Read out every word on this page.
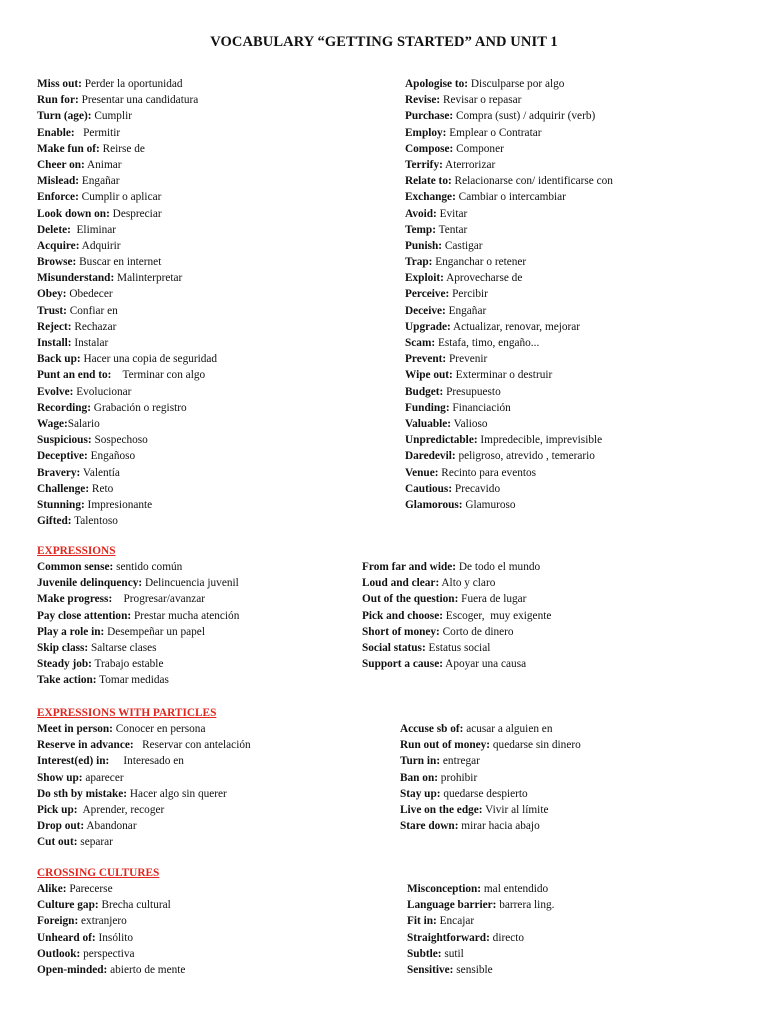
VOCABULARY “GETTING STARTED” AND UNIT 1
Miss out: Perder la oportunidad
Run for: Presentar una candidatura
Turn (age): Cumplir
Enable:   Permitir
Make fun of: Reirse de
Cheer on: Animar
Mislead: Engañar
Enforce: Cumplir o aplicar
Look down on: Despreciar
Delete:  Eliminar
Acquire: Adquirir
Browse: Buscar en internet
Misunderstand: Malinterpretar
Obey: Obedecer
Trust: Confiar en
Reject: Rechazar
Install: Instalar
Back up: Hacer una copia de seguridad
Punt an end to:    Terminar con algo
Evolve: Evolucionar
Recording: Grabación o registro
Wage:Salario
Suspicious: Sospechoso
Deceptive: Engañoso
Bravery: Valentía
Challenge: Reto
Stunning: Impresionante
Gifted: Talentoso
Apologise to: Disculparse por algo
Revise: Revisar o repasar
Purchase: Compra (sust) / adquirir (verb)
Employ: Emplear o Contratar
Compose: Componer
Terrify: Aterrorizar
Relate to: Relacionarse con/ identificarse con
Exchange: Cambiar o intercambiar
Avoid: Evitar
Temp: Tentar
Punish: Castigar
Trap: Enganchar o retener
Exploit: Aprovecharse de
Perceive: Percibir
Deceive: Engañar
Upgrade: Actualizar, renovar, mejorar
Scam: Estafa, timo, engaño...
Prevent: Prevenir
Wipe out: Exterminar o destruir
Budget: Presupuesto
Funding: Financiación
Valuable: Valioso
Unpredictable: Impredecible, imprevisible
Daredevil: peligroso, atrevido , temerario
Venue: Recinto para eventos
Cautious: Precavido
Glamorous: Glamuroso
EXPRESSIONS
Common sense: sentido común
Juvenile delinquency: Delincuencia juvenil
Make progress:    Progresar/avanzar
Pay close attention: Prestar mucha atención
Play a role in: Desempeñar un papel
Skip class: Saltarse clases
Steady job: Trabajo estable
Take action: Tomar medidas
From far and wide: De todo el mundo
Loud and clear: Alto y claro
Out of the question: Fuera de lugar
Pick and choose: Escoger,  muy exigente
Short of money: Corto de dinero
Social status: Estatus social
Support a cause: Apoyar una causa
EXPRESSIONS WITH PARTICLES
Meet in person: Conocer en persona
Reserve in advance:   Reservar con antelación
Interest(ed) in:     Interesado en
Show up: aparecer
Do sth by mistake: Hacer algo sin querer
Pick up:  Aprender, recoger
Drop out: Abandonar
Cut out: separar
Accuse sb of: acusar a alguien en
Run out of money: quedarse sin dinero
Turn in: entregar
Ban on: prohibir
Stay up: quedarse despierto
Live on the edge: Vivir al límite
Stare down: mirar hacia abajo
CROSSING CULTURES
Alike: Parecerse
Culture gap: Brecha cultural
Foreign: extranjero
Unheard of: Insólito
Outlook: perspectiva
Open-minded: abierto de mente
Misconception: mal entendido
Language barrier: barrera ling.
Fit in: Encajar
Straightforward: directo
Subtle: sutil
Sensitive: sensible
